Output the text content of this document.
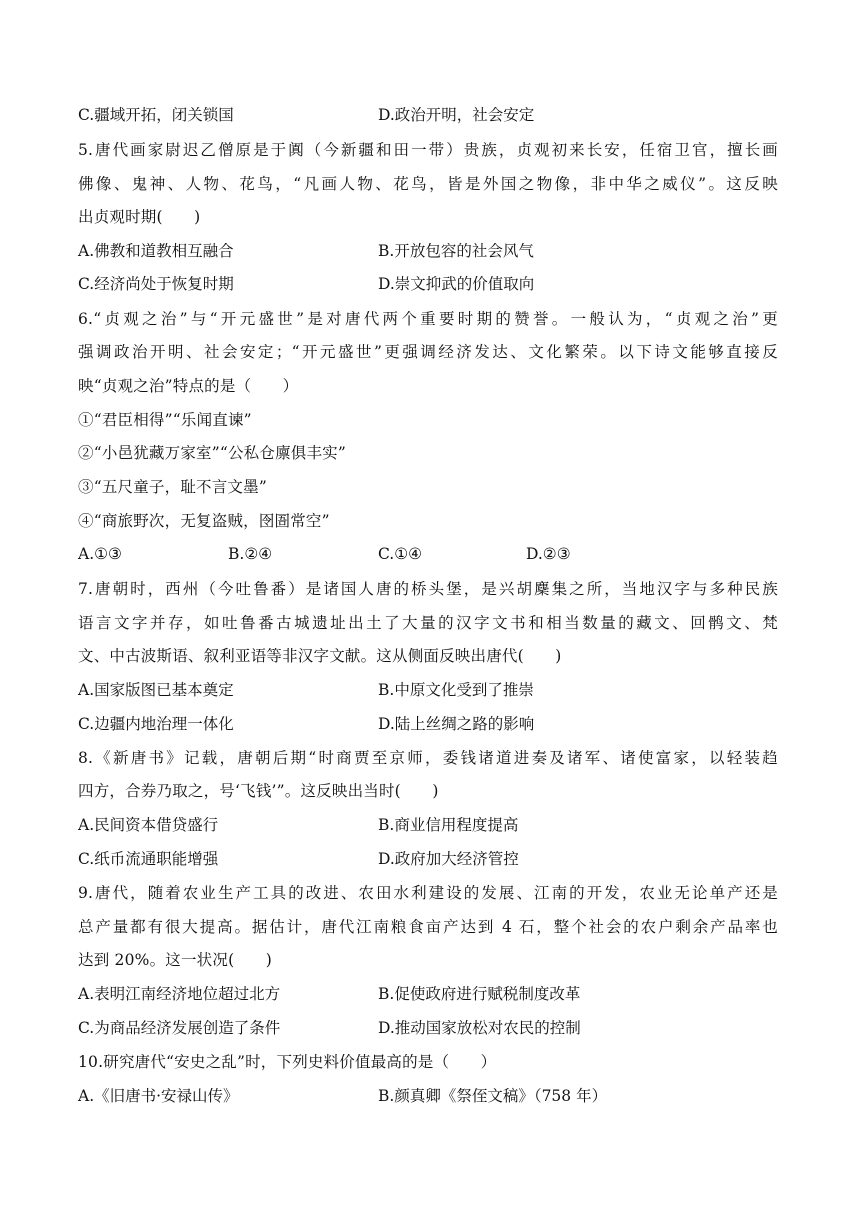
C.疆域开拓，闭关锁国	D.政治开明，社会安定
5.唐代画家尉迟乙僧原是于阗（今新疆和田一带）贵族，贞观初来长安，任宿卫官，擅长画
佛像、鬼神、人物、花鸟，“凡画人物、花鸟，皆是外国之物像，非中华之威仪”。这反映
出贞观时期(　　)
A.佛教和道教相互融合	B.开放包容的社会风气
C.经济尚处于恢复时期	D.崇文抑武的价值取向
6.“贞观之治”与“开元盛世”是对唐代两个重要时期的赞誉。一般认为，“贞观之治”更
强调政治开明、社会安定；“开元盛世”更强调经济发达、文化繁荣。以下诗文能够直接反
映“贞观之治”特点的是（　　）
①“君臣相得”“乐闻直谏”
②“小邑犹藏万家室”“公私仓廪俱丰实”
③“五尺童子，耻不言文墨”
④“商旅野次，无复盗贼，囹圄常空”
A.①③	B.②④	C.①④	D.②③
7.唐朝时，西州（今吐鲁番）是诸国人唐的桥头堡，是兴胡麇集之所，当地汉字与多种民族
语言文字并存，如吐鲁番古城遗址出土了大量的汉字文书和相当数量的藏文、回鹘文、梵
文、中古波斯语、叙利亚语等非汉字文献。这从侧面反映出唐代(　　)
A.国家版图已基本奠定	B.中原文化受到了推崇
C.边疆内地治理一体化	D.陆上丝绸之路的影响
8.《新唐书》记载，唐朝后期“时商贾至京师，委钱诸道进奏及诸军、诸使富家，以轻装趋
四方，合券乃取之，号‘飞钱’”。这反映出当时(　　)
A.民间资本借贷盛行	B.商业信用程度提高
C.纸币流通职能增强	D.政府加大经济管控
9.唐代，随着农业生产工具的改进、农田水利建设的发展、江南的开发，农业无论单产还是
总产量都有很大提高。据估计，唐代江南粮食亩产达到 4 石，整个社会的农户剩余产品率也
达到 20%。这一状况(　　)
A.表明江南经济地位超过北方	B.促使政府进行赋税制度改革
C.为商品经济发展创造了条件	D.推动国家放松对农民的控制
10.研究唐代“安史之乱”时，下列史料价值最高的是（　　）
A.《旧唐书·安禄山传》	B.颜真卿《祭侄文稿》（758 年）
